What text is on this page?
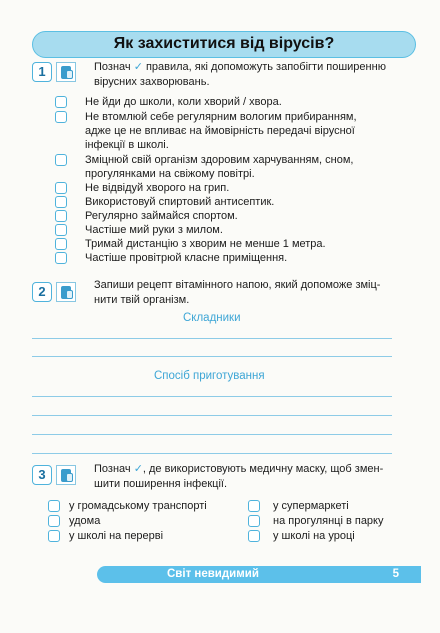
Як захиститися від вірусів?
1	Познач ✓ правила, які допоможуть запобігти поширенню
вірусних захворювань.
Не йди до школи, коли хворий / хвора.
Не втомлюй себе регулярним вологим прибиранням,
адже це не впливає на ймовірність передачі вірусної
інфекції в школі.
Зміцнюй свій організм здоровим харчуванням, сном,
прогулянками на свіжому повітрі.
Не відвідуй хворого на грип.
Використовуй спиртовий антисептик.
Регулярно займайся спортом.
Частіше мий руки з милом.
Тримай дистанцію з хворим не менше 1 метра.
Частіше провітрюй класне приміщення.
2	Запиши рецепт вітамінного напою, який допоможе зміц-
нити твій організм.
Складники
Спосіб приготування
3	Познач ✓, де використовують медичну маску, щоб змен-
шити поширення інфекції.
у громадському транспорті
удома
у школі на перерві
у супермаркеті
на прогулянці в парку
у школі на уроці
Світ невидимий	5
